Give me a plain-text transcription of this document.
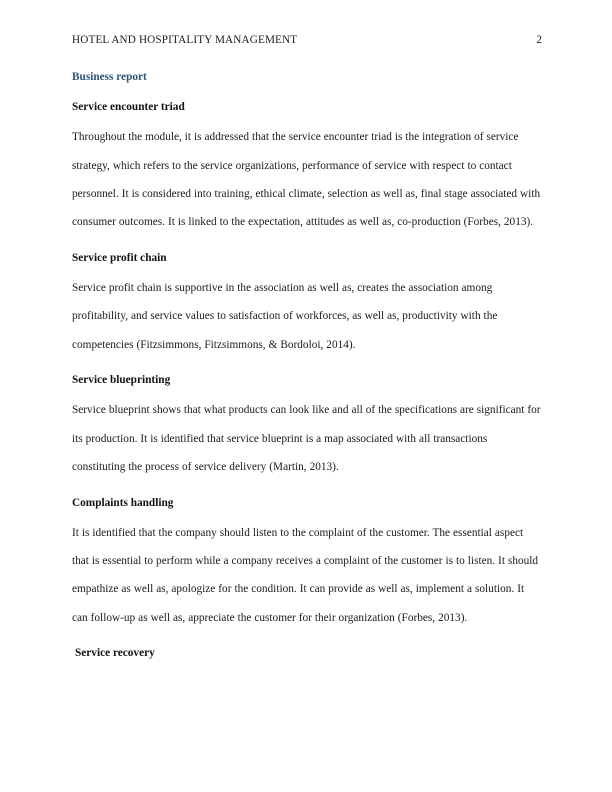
HOTEL AND HOSPITALITY MANAGEMENT	2
Business report
Service encounter triad

Throughout the module, it is addressed that the service encounter triad is the integration of service strategy, which refers to the service organizations, performance of service with respect to contact personnel. It is considered into training, ethical climate, selection as well as, final stage associated with consumer outcomes. It is linked to the expectation, attitudes as well as, co-production (Forbes, 2013).

Service profit chain

Service profit chain is supportive in the association as well as, creates the association among profitability, and service values to satisfaction of workforces, as well as, productivity with the competencies (Fitzsimmons, Fitzsimmons, & Bordoloi, 2014).

Service blueprinting

Service blueprint shows that what products can look like and all of the specifications are significant for its production. It is identified that service blueprint is a map associated with all transactions constituting the process of service delivery (Martin, 2013).

Complaints handling

It is identified that the company should listen to the complaint of the customer. The essential aspect that is essential to perform while a company receives a complaint of the customer is to listen. It should empathize as well as, apologize for the condition. It can provide as well as, implement a solution. It can follow-up as well as, appreciate the customer for their organization (Forbes, 2013).

Service recovery
